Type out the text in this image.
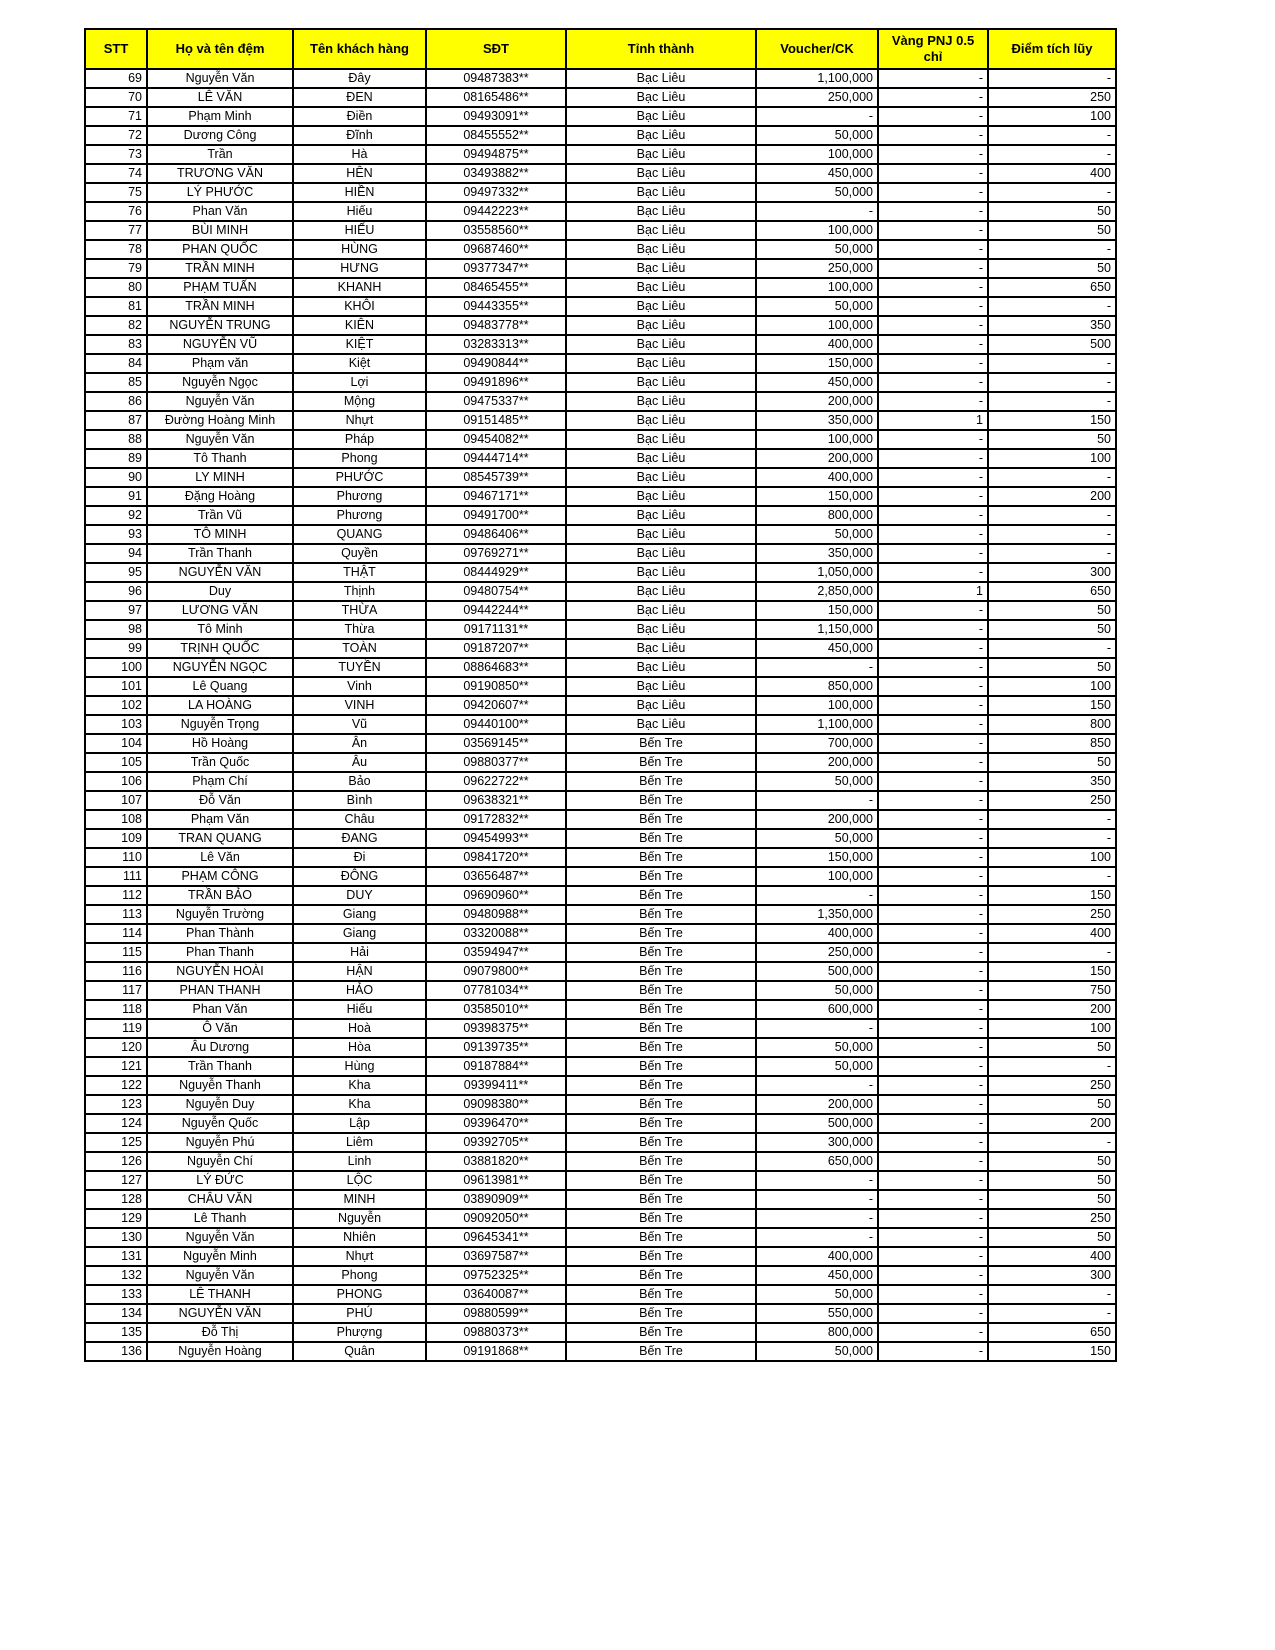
STT	Họ và tên đệm	Tên khách hàng	SĐT	Tỉnh thành	Voucher/CK	Vàng PNJ 0.5 chỉ	Điểm tích lũy
69	Nguyễn Văn	Đây	09487383**	Bạc Liêu	1,100,000	-	-
70	LÊ VĂN	ĐEN	08165486**	Bạc Liêu	250,000	-	250
71	Phạm Minh	Điền	09493091**	Bạc Liêu	-	-	100
72	Dương Công	Đĩnh	08455552**	Bạc Liêu	50,000	-	-
73	Trần	Hà	09494875**	Bạc Liêu	100,000	-	-
74	TRƯƠNG VĂN	HÊN	03493882**	Bạc Liêu	450,000	-	400
75	LÝ PHƯỚC	HIỀN	09497332**	Bạc Liêu	50,000	-	-
76	Phan Văn	Hiếu	09442223**	Bạc Liêu	-	-	50
77	BÙI MINH	HIẾU	03558560**	Bạc Liêu	100,000	-	50
78	PHAN QUỐC	HÙNG	09687460**	Bạc Liêu	50,000	-	-
79	TRẦN MINH	HƯNG	09377347**	Bạc Liêu	250,000	-	50
80	PHẠM TUẤN	KHANH	08465455**	Bạc Liêu	100,000	-	650
81	TRẦN MINH	KHÔI	09443355**	Bạc Liêu	50,000	-	-
82	NGUYỄN TRUNG	KIÊN	09483778**	Bạc Liêu	100,000	-	350
83	NGUYỄN VŨ	KIỆT	03283313**	Bạc Liêu	400,000	-	500
84	Phạm văn	Kiệt	09490844**	Bạc Liêu	150,000	-	-
85	Nguyễn Ngọc	Lợi	09491896**	Bạc Liêu	450,000	-	-
86	Nguyễn Văn	Mộng	09475337**	Bạc Liêu	200,000	-	-
87	Đường Hoàng Minh	Nhựt	09151485**	Bạc Liêu	350,000	1	150
88	Nguyễn Văn	Pháp	09454082**	Bạc Liêu	100,000	-	50
89	Tô Thanh	Phong	09444714**	Bạc Liêu	200,000	-	100
90	LY MINH	PHƯỚC	08545739**	Bạc Liêu	400,000	-	-
91	Đặng Hoàng	Phương	09467171**	Bạc Liêu	150,000	-	200
92	Trần Vũ	Phương	09491700**	Bạc Liêu	800,000	-	-
93	TÔ MINH	QUANG	09486406**	Bạc Liêu	50,000	-	-
94	Trần Thanh	Quyền	09769271**	Bạc Liêu	350,000	-	-
95	NGUYỄN VĂN	THẬT	08444929**	Bạc Liêu	1,050,000	-	300
96	Duy	Thịnh	09480754**	Bạc Liêu	2,850,000	1	650
97	LƯƠNG VĂN	THỪA	09442244**	Bạc Liêu	150,000	-	50
98	Tô Minh	Thừa	09171131**	Bạc Liêu	1,150,000	-	50
99	TRỊNH QUỐC	TOÀN	09187207**	Bạc Liêu	450,000	-	-
100	NGUYỄN NGỌC	TUYỀN	08864683**	Bạc Liêu	-	-	50
101	Lê Quang	Vinh	09190850**	Bạc Liêu	850,000	-	100
102	LA HOÀNG	VINH	09420607**	Bạc Liêu	100,000	-	150
103	Nguyễn Trọng	Vũ	09440100**	Bạc Liêu	1,100,000	-	800
104	Hồ Hoàng	Ân	03569145**	Bến Tre	700,000	-	850
105	Trần Quốc	Âu	09880377**	Bến Tre	200,000	-	50
106	Phạm Chí	Bảo	09622722**	Bến Tre	50,000	-	350
107	Đỗ Văn	Bình	09638321**	Bến Tre	-	-	250
108	Phạm Văn	Châu	09172832**	Bến Tre	200,000	-	-
109	TRAN QUANG	ĐANG	09454993**	Bến Tre	50,000	-	-
110	Lê Văn	Đi	09841720**	Bến Tre	150,000	-	100
111	PHẠM CÔNG	ĐÔNG	03656487**	Bến Tre	100,000	-	-
112	TRẦN BẢO	DUY	09690960**	Bến Tre	-	-	150
113	Nguyễn Trường	Giang	09480988**	Bến Tre	1,350,000	-	250
114	Phan Thành	Giang	03320088**	Bến Tre	400,000	-	400
115	Phan Thanh	Hải	03594947**	Bến Tre	250,000	-	-
116	NGUYỄN HOÀI	HẬN	09079800**	Bến Tre	500,000	-	150
117	PHAN THANH	HẢO	07781034**	Bến Tre	50,000	-	750
118	Phan Văn	Hiếu	03585010**	Bến Tre	600,000	-	200
119	Ô Văn	Hoà	09398375**	Bến Tre	-	-	100
120	Âu Dương	Hòa	09139735**	Bến Tre	50,000	-	50
121	Trần Thanh	Hùng	09187884**	Bến Tre	50,000	-	-
122	Nguyễn Thanh	Kha	09399411**	Bến Tre	-	-	250
123	Nguyễn Duy	Kha	09098380**	Bến Tre	200,000	-	50
124	Nguyễn Quốc	Lập	09396470**	Bến Tre	500,000	-	200
125	Nguyễn Phú	Liêm	09392705**	Bến Tre	300,000	-	-
126	Nguyễn Chí	Linh	03881820**	Bến Tre	650,000	-	50
127	LÝ ĐỨC	LỘC	09613981**	Bến Tre	-	-	50
128	CHÂU VĂN	MINH	03890909**	Bến Tre	-	-	50
129	Lê Thanh	Nguyễn	09092050**	Bến Tre	-	-	250
130	Nguyễn Văn	Nhiên	09645341**	Bến Tre	-	-	50
131	Nguyễn Minh	Nhựt	03697587**	Bến Tre	400,000	-	400
132	Nguyễn Văn	Phong	09752325**	Bến Tre	450,000	-	300
133	LÊ THANH	PHONG	03640087**	Bến Tre	50,000	-	-
134	NGUYỄN VĂN	PHÚ	09880599**	Bến Tre	550,000	-	-
135	Đỗ Thị	Phượng	09880373**	Bến Tre	800,000	-	650
136	Nguyễn Hoàng	Quân	09191868**	Bến Tre	50,000	-	150
